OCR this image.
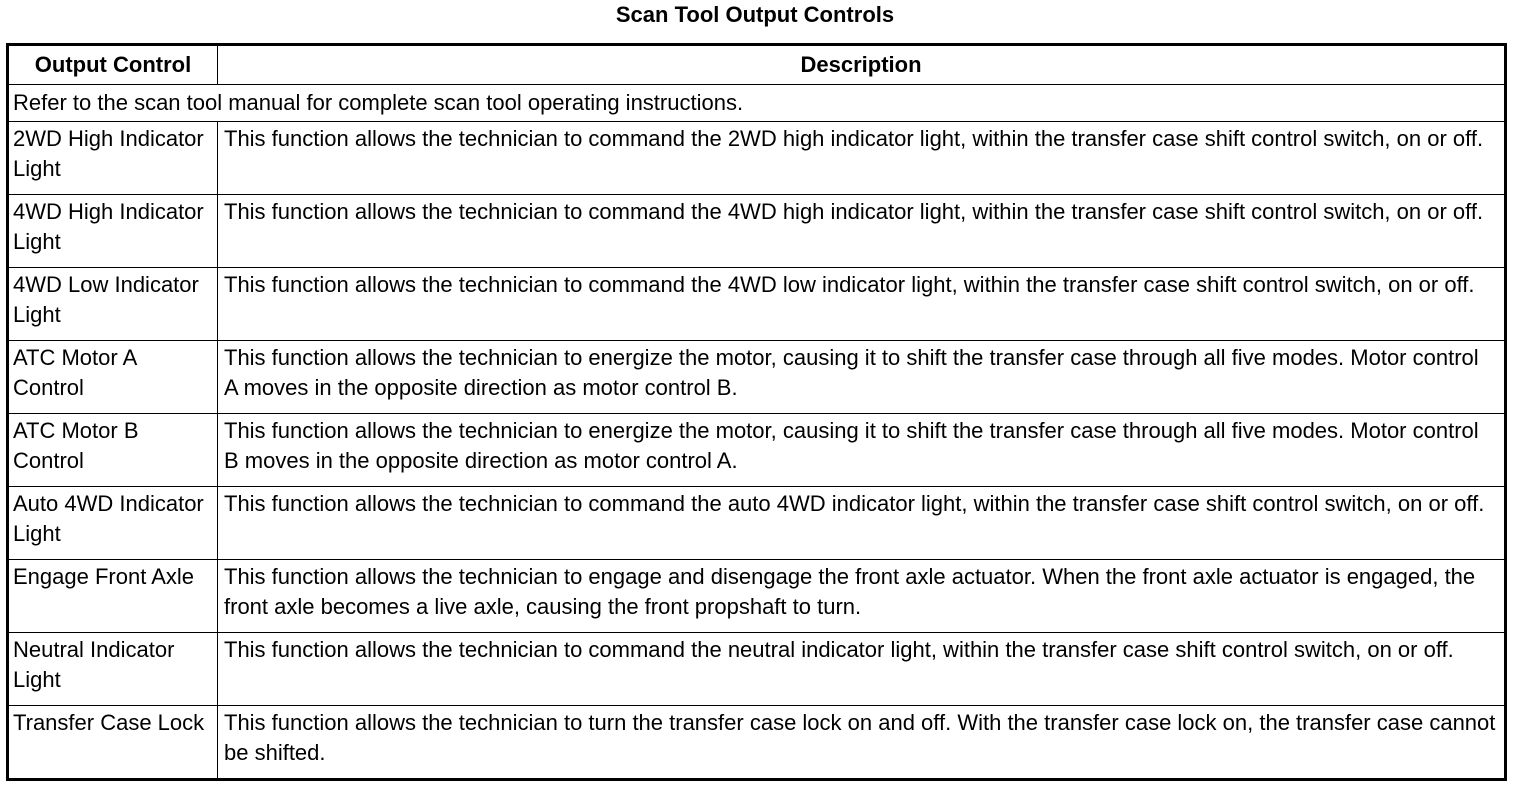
Scan Tool Output Controls
Output Control	Description
Refer to the scan tool manual for complete scan tool operating instructions.	
2WD High Indicator Light	This function allows the technician to command the 2WD high indicator light, within the transfer case shift control switch, on or off.
4WD High Indicator Light	This function allows the technician to command the 4WD high indicator light, within the transfer case shift control switch, on or off.
4WD Low Indicator Light	This function allows the technician to command the 4WD low indicator light, within the transfer case shift control switch, on or off.
ATC Motor A Control	This function allows the technician to energize the motor, causing it to shift the transfer case through all five modes. Motor control A moves in the opposite direction as motor control B.
ATC Motor B Control	This function allows the technician to energize the motor, causing it to shift the transfer case through all five modes. Motor control B moves in the opposite direction as motor control A.
Auto 4WD Indicator Light	This function allows the technician to command the auto 4WD indicator light, within the transfer case shift control switch, on or off.
Engage Front Axle	This function allows the technician to engage and disengage the front axle actuator. When the front axle actuator is engaged, the front axle becomes a live axle, causing the front propshaft to turn.
Neutral Indicator Light	This function allows the technician to command the neutral indicator light, within the transfer case shift control switch, on or off.
Transfer Case Lock	This function allows the technician to turn the transfer case lock on and off. With the transfer case lock on, the transfer case cannot be shifted.
